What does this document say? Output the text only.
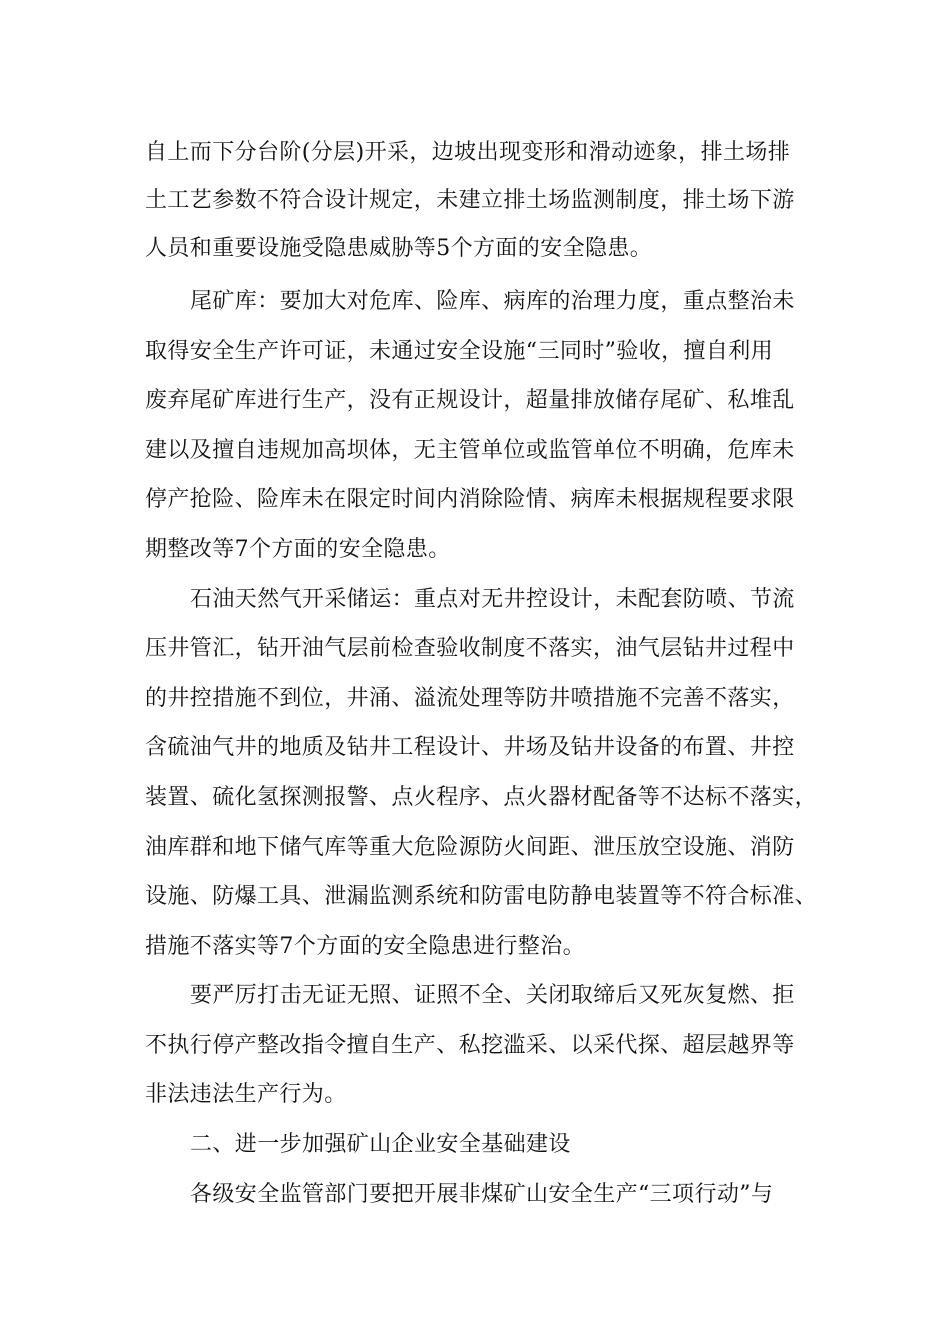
自上而下分台阶(分层)开采，边坡出现变形和滑动迹象，排土场排
土工艺参数不符合设计规定，未建立排土场监测制度，排土场下游
人员和重要设施受隐患威胁等5个方面的安全隐患。
尾矿库：要加大对危库、险库、病库的治理力度，重点整治未
取得安全生产许可证，未通过安全设施“三同时”验收，擅自利用
废弃尾矿库进行生产，没有正规设计，超量排放储存尾矿、私堆乱
建以及擅自违规加高坝体，无主管单位或监管单位不明确，危库未
停产抢险、险库未在限定时间内消除险情、病库未根据规程要求限
期整改等7个方面的安全隐患。
石油天然气开采储运：重点对无井控设计，未配套防喷、节流
压井管汇，钻开油气层前检查验收制度不落实，油气层钻井过程中
的井控措施不到位，井涌、溢流处理等防井喷措施不完善不落实，
含硫油气井的地质及钻井工程设计、井场及钻井设备的布置、井控
装置、硫化氢探测报警、点火程序、点火器材配备等不达标不落实，
油库群和地下储气库等重大危险源防火间距、泄压放空设施、消防
设施、防爆工具、泄漏监测系统和防雷电防静电装置等不符合标准、
措施不落实等7个方面的安全隐患进行整治。
要严厉打击无证无照、证照不全、关闭取缔后又死灰复燃、拒
不执行停产整改指令擅自生产、私挖滥采、以采代探、超层越界等
非法违法生产行为。
二、进一步加强矿山企业安全基础建设
各级安全监管部门要把开展非煤矿山安全生产“三项行动”与
